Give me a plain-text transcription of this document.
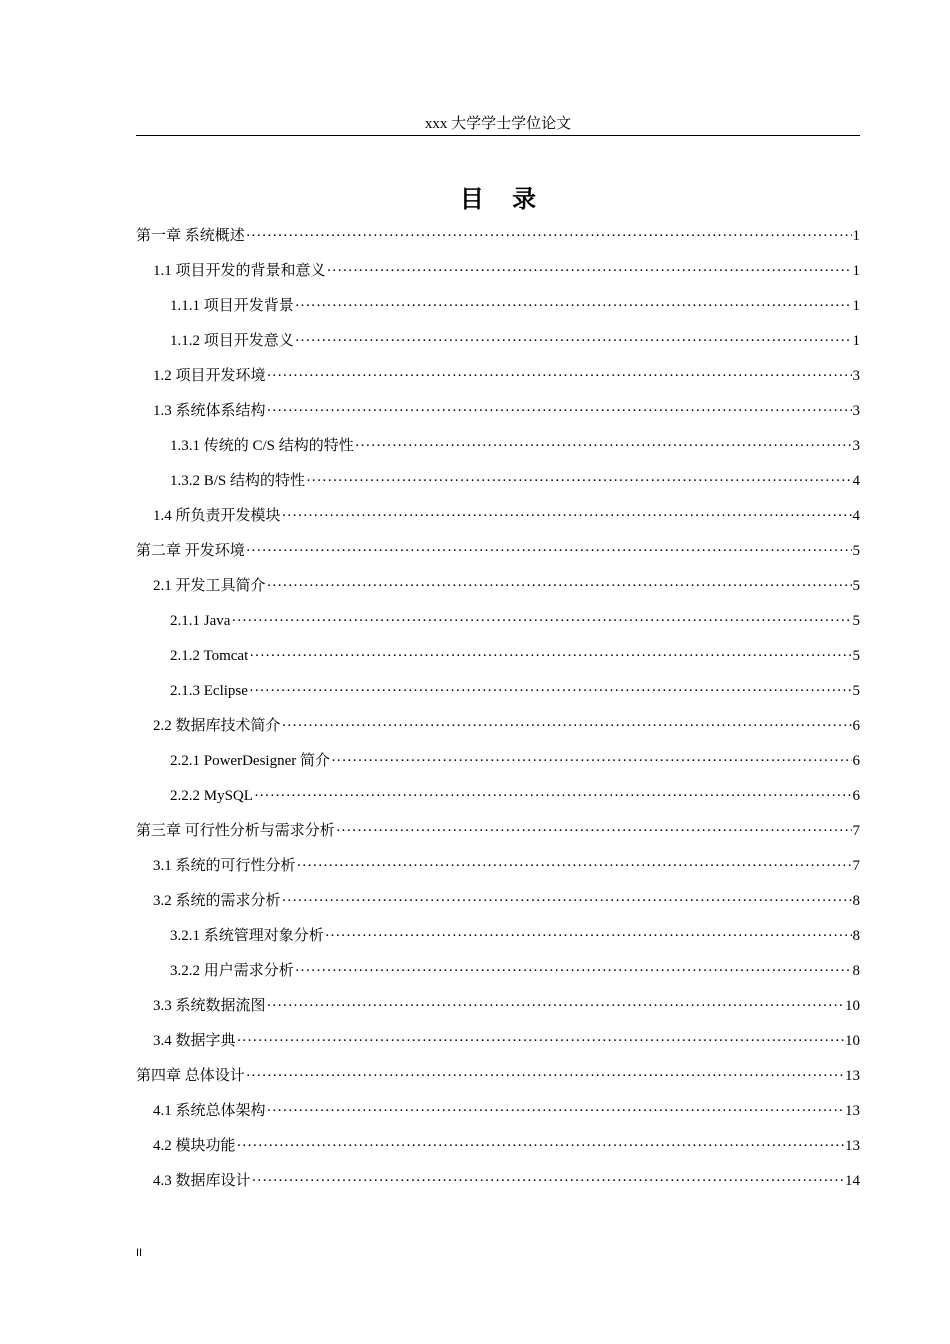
xxx 大学学士学位论文
目 录
第一章 系统概述 ·····	1
1.1 项目开发的背景和意义 ·····	1
1.1.1 项目开发背景 ·····	1
1.1.2 项目开发意义 ·····	1
1.2 项目开发环境 ·····	3
1.3 系统体系结构 ·····	3
1.3.1 传统的 C/S 结构的特性 ·····	3
1.3.2 B/S 结构的特性 ·····	4
1.4 所负责开发模块 ·····	4
第二章 开发环境 ·····	5
2.1 开发工具简介 ·····	5
2.1.1 Java ·····	5
2.1.2 Tomcat ·····	5
2.1.3 Eclipse ·····	5
2.2 数据库技术简介 ·····	6
2.2.1 PowerDesigner 简介 ·····	6
2.2.2 MySQL ·····	6
第三章 可行性分析与需求分析 ·····	7
3.1 系统的可行性分析 ·····	7
3.2 系统的需求分析 ·····	8
3.2.1 系统管理对象分析 ·····	8
3.2.2 用户需求分析 ·····	8
3.3 系统数据流图 ·····	10
3.4 数据字典 ·····	10
第四章 总体设计 ·····	13
4.1 系统总体架构 ·····	13
4.2 模块功能 ·····	13
4.3 数据库设计 ·····	14
II
